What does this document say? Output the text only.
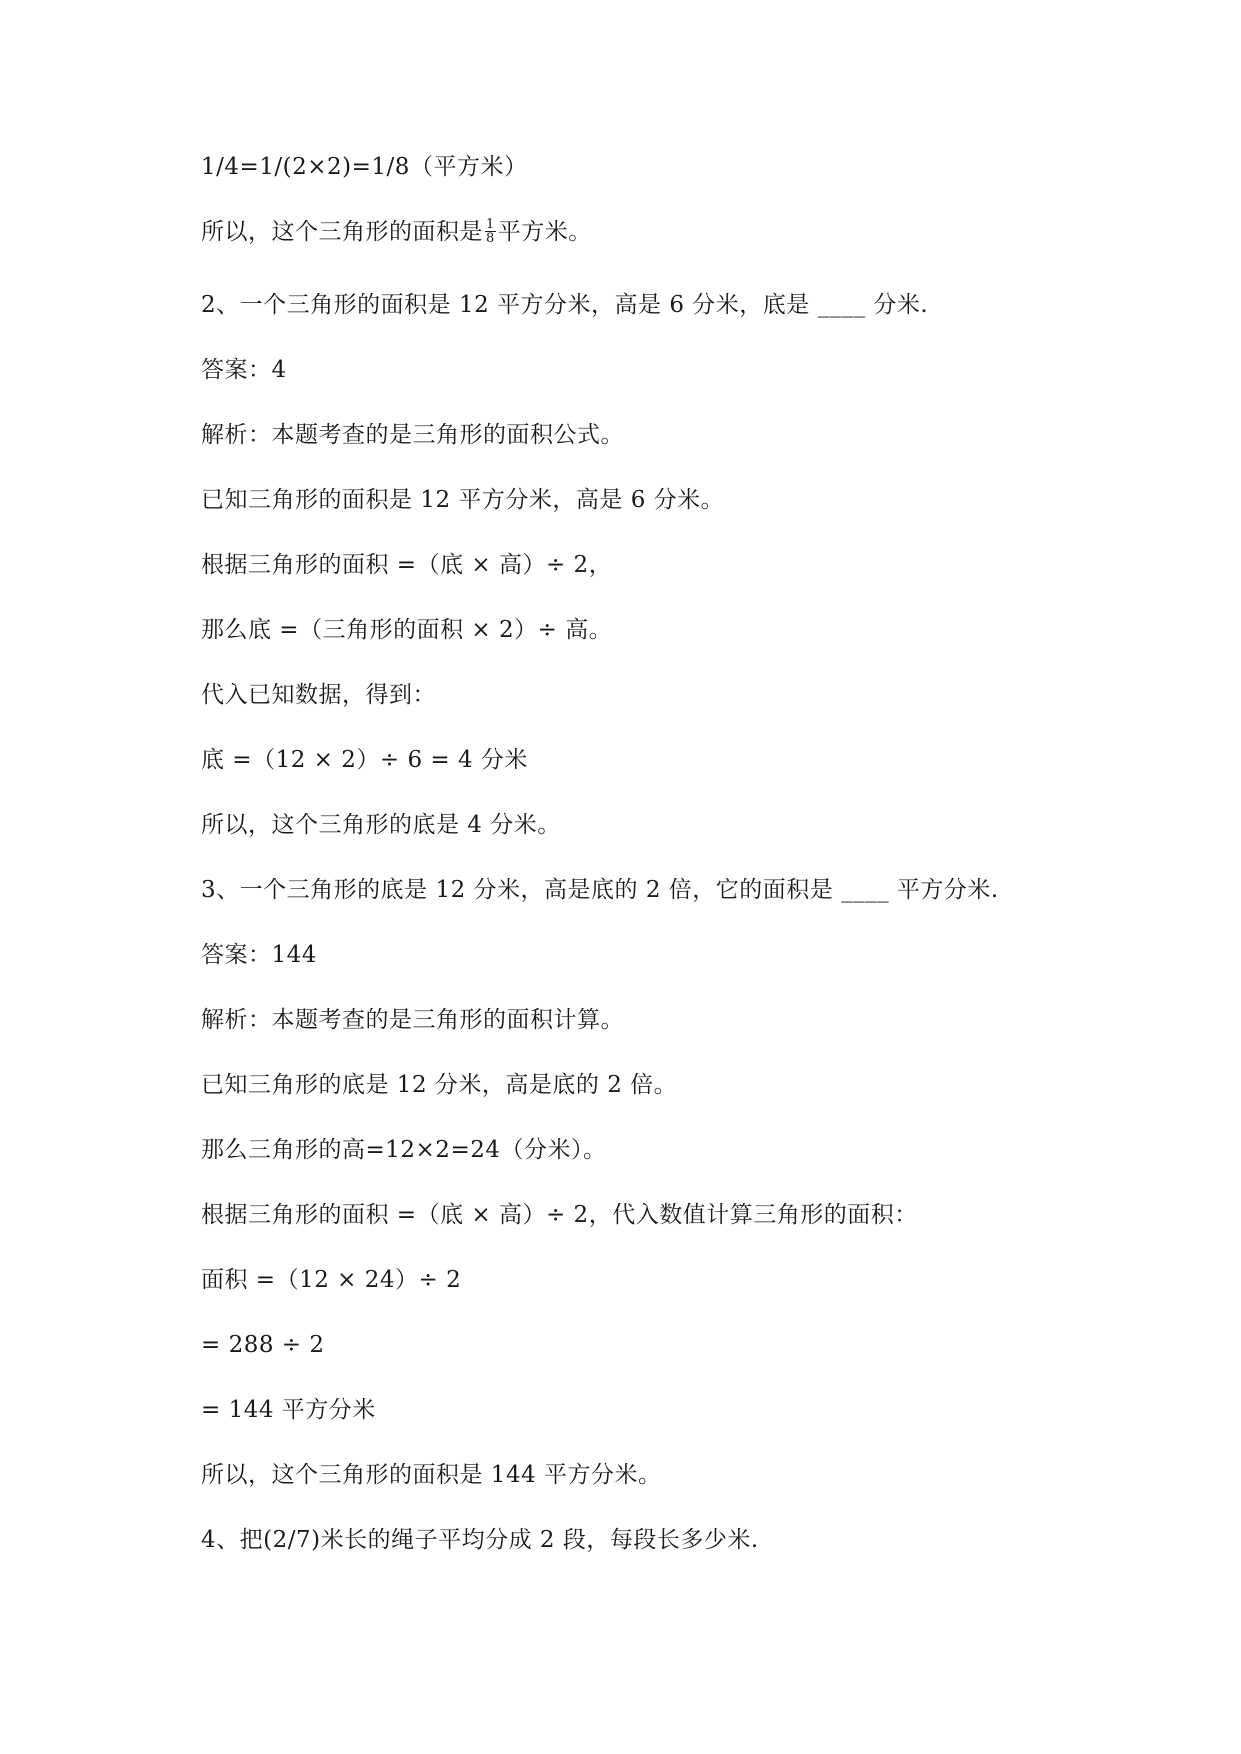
1/4=1/(2×2)=1/8（平方米）
所以，这个三角形的面积是 $\frac{1}{8}$ 平方米。
2、一个三角形的面积是 12 平方分米，高是 6 分米，底是 ____ 分米.
答案：4
解析：本题考查的是三角形的面积公式。
已知三角形的面积是 12 平方分米，高是 6 分米。
根据三角形的面积 =（底 × 高）÷ 2，
那么底 =（三角形的面积 × 2）÷ 高。
代入已知数据，得到：
底 =（12 × 2）÷ 6 = 4 分米
所以，这个三角形的底是 4 分米。
3、一个三角形的底是 12 分米，高是底的 2 倍，它的面积是 ____ 平方分米.
答案：144
解析：本题考查的是三角形的面积计算。
已知三角形的底是 12 分米，高是底的 2 倍。
那么三角形的高=12×2=24（分米）。
根据三角形的面积 =（底 × 高）÷ 2，代入数值计算三角形的面积：
面积 =（12 × 24）÷ 2
= 288 ÷ 2
= 144 平方分米
所以，这个三角形的面积是 144 平方分米。
4、把(2/7)米长的绳子平均分成 2 段，每段长多少米.
